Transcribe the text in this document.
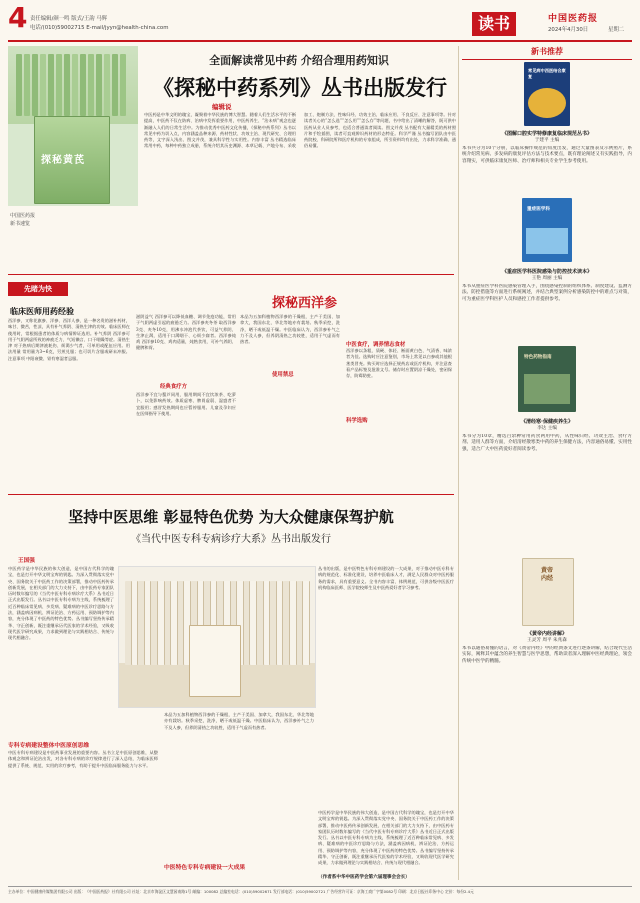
4 责任编辑/颜一鸣 版式/王韵 马辉
电话/(010)59002715 E-mail/jyyn@health-china.com	读书	中国医药报
2024年4月30日	星期二
探秘黄芪
中国医药报
新书速览
全面解读常见中药 介绍合理用药知识
《探秘中药系列》丛书出版发行
编辑说
中医药是中华文明的瑰宝，凝聚着中华民族的博大智慧。随着人们生活水平的不断提高，中医药不仅在防病、治病中发挥重要作用，中医药养生、“治未病”观念也逐渐融入人们的日常生活中。为推动优秀中医药文化传播，《探秘中药系列》丛书以常见中药为切入点，内容涵盖品种来源、药材性状、功效主治、现代研究、合理用药等，文字深入浅出、图文并茂，兼具科学性与实用性。内容丰富 丛书精选临床常用中药，每种中药独立成册，系统介绍其历史渊源、本草记载、产地分布、采收加工、炮制方法、性味归经、功效主治、临床应用、不良反应、注意事项等。针对读者关心的“怎么选”“怎么用”“怎么存”等问题，书中给出了清晰的解答，既可供中医药从业人员参考，也适合普通读者阅读。图文并茂 丛书配有大量精美的药材照片和手绘插图，读者可直观辨识药材的形态特征。科学严谨 丛书编写团队由中医药院校、科研院所和医疗机构的专家组成，所引资料均有出处，力求科学准确、通俗易懂。
新书推荐
常见病中西医结合康复
《图解口腔实学特修康复临床规范丛书》
于建平 主编
本书共分为10个分册，以临床操作规范的角度出发，通过大量图表及示例照片，系统介绍常见病、多发病的康复评估方法与技术要点，既有理论阐述又有实践指导，内容翔实，可供临床康复医师、治疗师和相关专业学生参考使用。
重症医学科
《重症医学科医院感染与防控技术读本》
王艳 周丽 主编
本书从重症医学科医院感染管理入手，围绕感染控制的组织体系、制度建设、监测方法、防控措施等方面进行系统阐述，并结合典型案例分析感染防控中的难点与对策，可为重症医学科医护人员和感控工作者提供参考。
特色药物指南
《清经寒·保健疾养生》
李达 主编
本书分为10章，精选百余种常用药食两用中药，从性味归经、功效主治、食疗方剂、适用人群等方面，介绍清经散寒类中药的养生保健方法，内容通俗易懂、实用性强，适合广大中医药爱好者阅读参考。
黄帝内经
《黄帝内经讲解》
王灵芳 周平 朱兆森
本书以通俗易懂的语言，对《黄帝内经》中的经典条文进行逐条讲解，结合现代生活实际，阐释其中蕴含的养生智慧与医学思想，帮助读者深入理解中医经典理论，领会传统中医学的精髓。
先睹为快
临床医师用药经验
西洋参，又称花旗参、洋参、西洋人参，是一种名贵的滋补药材，味甘、微苦，性凉，具有补气养阴、清热生津的功效。临床医师在使用时，常根据患者的体质与病情辨证选用。补气养阴 西洋参可用于气阴两虚所致的神疲乏力、气短懒言、口干咽燥等症。清热生津 对于热病后期津液耗伤、烦渴少气者，可单用或配伍应用。用法用量 常用量为3~6克，另煎兑服；也可切片含服或研末冲服。注意事项 中阳衰微、胃有寒湿者忌服。
探秘西洋参
滋阴益气 西洋参可以降低血糖、调节免疫功能，常用于气阴两虚引起的疲倦乏力。西洋参麦冬茶 取西洋参3克、麦冬10克，用沸水冲泡代茶饮，可益气养阴、生津止渴，适用于口渴咽干、心烦少寐者。西洋参炖鸡 西洋参10克、鸡肉适量，炖熟食用，可补气养阴、健脾和胃。
经典食疗方
西洋参不宜与藜芦同用，服用期间不宜饮浓茶、吃萝卜，以免影响药效。体质虚寒、脾胃虚弱、湿盛者不宜服用；感冒发热期间也应暂停服用。儿童及孕妇应在医师指导下使用。
使用禁忌
本品为五加科植物西洋参的干燥根，主产于美国、加拿大，我国东北、华北等地亦有栽培。秋季采挖，洗净，晒干或低温干燥。中医临床认为，西洋参补气之力不及人参，但养阴清热之功较胜，适用于气虚而有热者。
中医食疗，调养情志食材
科学选购
西洋参以条粗、质硬、体轻、断面黄白色、气清香、味浓者为佳。选购时应注意鉴别，市场上常见以白参或其他根茎类冒充。购买时应选择正规药店或医疗机构，并注意查看产品标签及批准文号。储存时应置阴凉干燥处，密闭保存，防霉防蛀。
坚持中医思维 彰显特色优势 为大众健康保驾护航
《当代中医专科专病诊疗大系》丛书出版发行
王国强
中医药学是中华民族的伟大创造，是中国古代科学的瑰宝，也是打开中华文明宝库的钥匙。为深入贯彻落实党中央、国务院关于中医药工作的决策部署，推动中医药传承创新发展，在相关部门的大力支持下，由中医药专家团队历时数年编写的《当代中医专科专病诊疗大系》丛书近日正式出版发行。丛书以中医专科专病为主线，系统梳理了近百种临床常见病、多发病、疑难病的中医诊疗思路与方法，涵盖病因病机、辨证论治、方药运用、预防调护等内容，充分体现了中医药的特色优势。丛书编写坚持传承精华、守正创新，既注重继承历代医家的学术经验，又吸收现代医学研究成果，力求做到理论与实践相结合、传统与现代相融合。
专科专病建设整体中医原创思维
中医专科专病建设是中医药事业发展的重要内容。丛书立足中医原创思维，从整体观念和辨证论治出发，对各专科专病的诊疗规律进行了深入总结，为临床医师提供了系统、规范、实用的诊疗参考，有助于提升中医临床服务能力与水平。
丛书的出版，是中医特色专科专病建设的一大成果，对于推动中医专科专病的规范化、标准化建设，培养中医临床人才，满足人民群众对中医药服务的需求，具有重要意义。全书内容丰富、体例规范，可供各级中医医疗机构临床医师、医学院校师生及中医药爱好者学习参考。
中医特色专科专病建设一大成果
本品为五加科植物西洋参的干燥根，主产于美国、加拿大，我国东北、华北等地亦有栽培。秋季采挖，洗净，晒干或低温干燥。中医临床认为，西洋参补气之力不及人参，但养阴清热之功较胜，适用于气虚而有热者。
中医药学是中华民族的伟大创造，是中国古代科学的瑰宝，也是打开中华文明宝库的钥匙。为深入贯彻落实党中央、国务院关于中医药工作的决策部署，推动中医药传承创新发展，在相关部门的大力支持下，由中医药专家团队历时数年编写的《当代中医专科专病诊疗大系》丛书近日正式出版发行。丛书以中医专科专病为主线，系统梳理了近百种临床常见病、多发病、疑难病的中医诊疗思路与方法，涵盖病因病机、辨证论治、方药运用、预防调护等内容，充分体现了中医药的特色优势。丛书编写坚持传承精华、守正创新，既注重继承历代医家的学术经验，又吸收现代医学研究成果，力求做到理论与实践相结合、传统与现代相融合。
（作者系中华中医药学会第六届理事会会长）
主办单位：中国健康传媒集团有限公司 出版：《中国医药报》社有限公司 社址：北京市海淀区文慧园南路1号 邮编：100082 总编室电话：(010)59002671 发行部电话：(010)59002721 广告经营许可证：京海工商广字第0082号 印刷：北京日报社印务中心 定价：每份2.4元
